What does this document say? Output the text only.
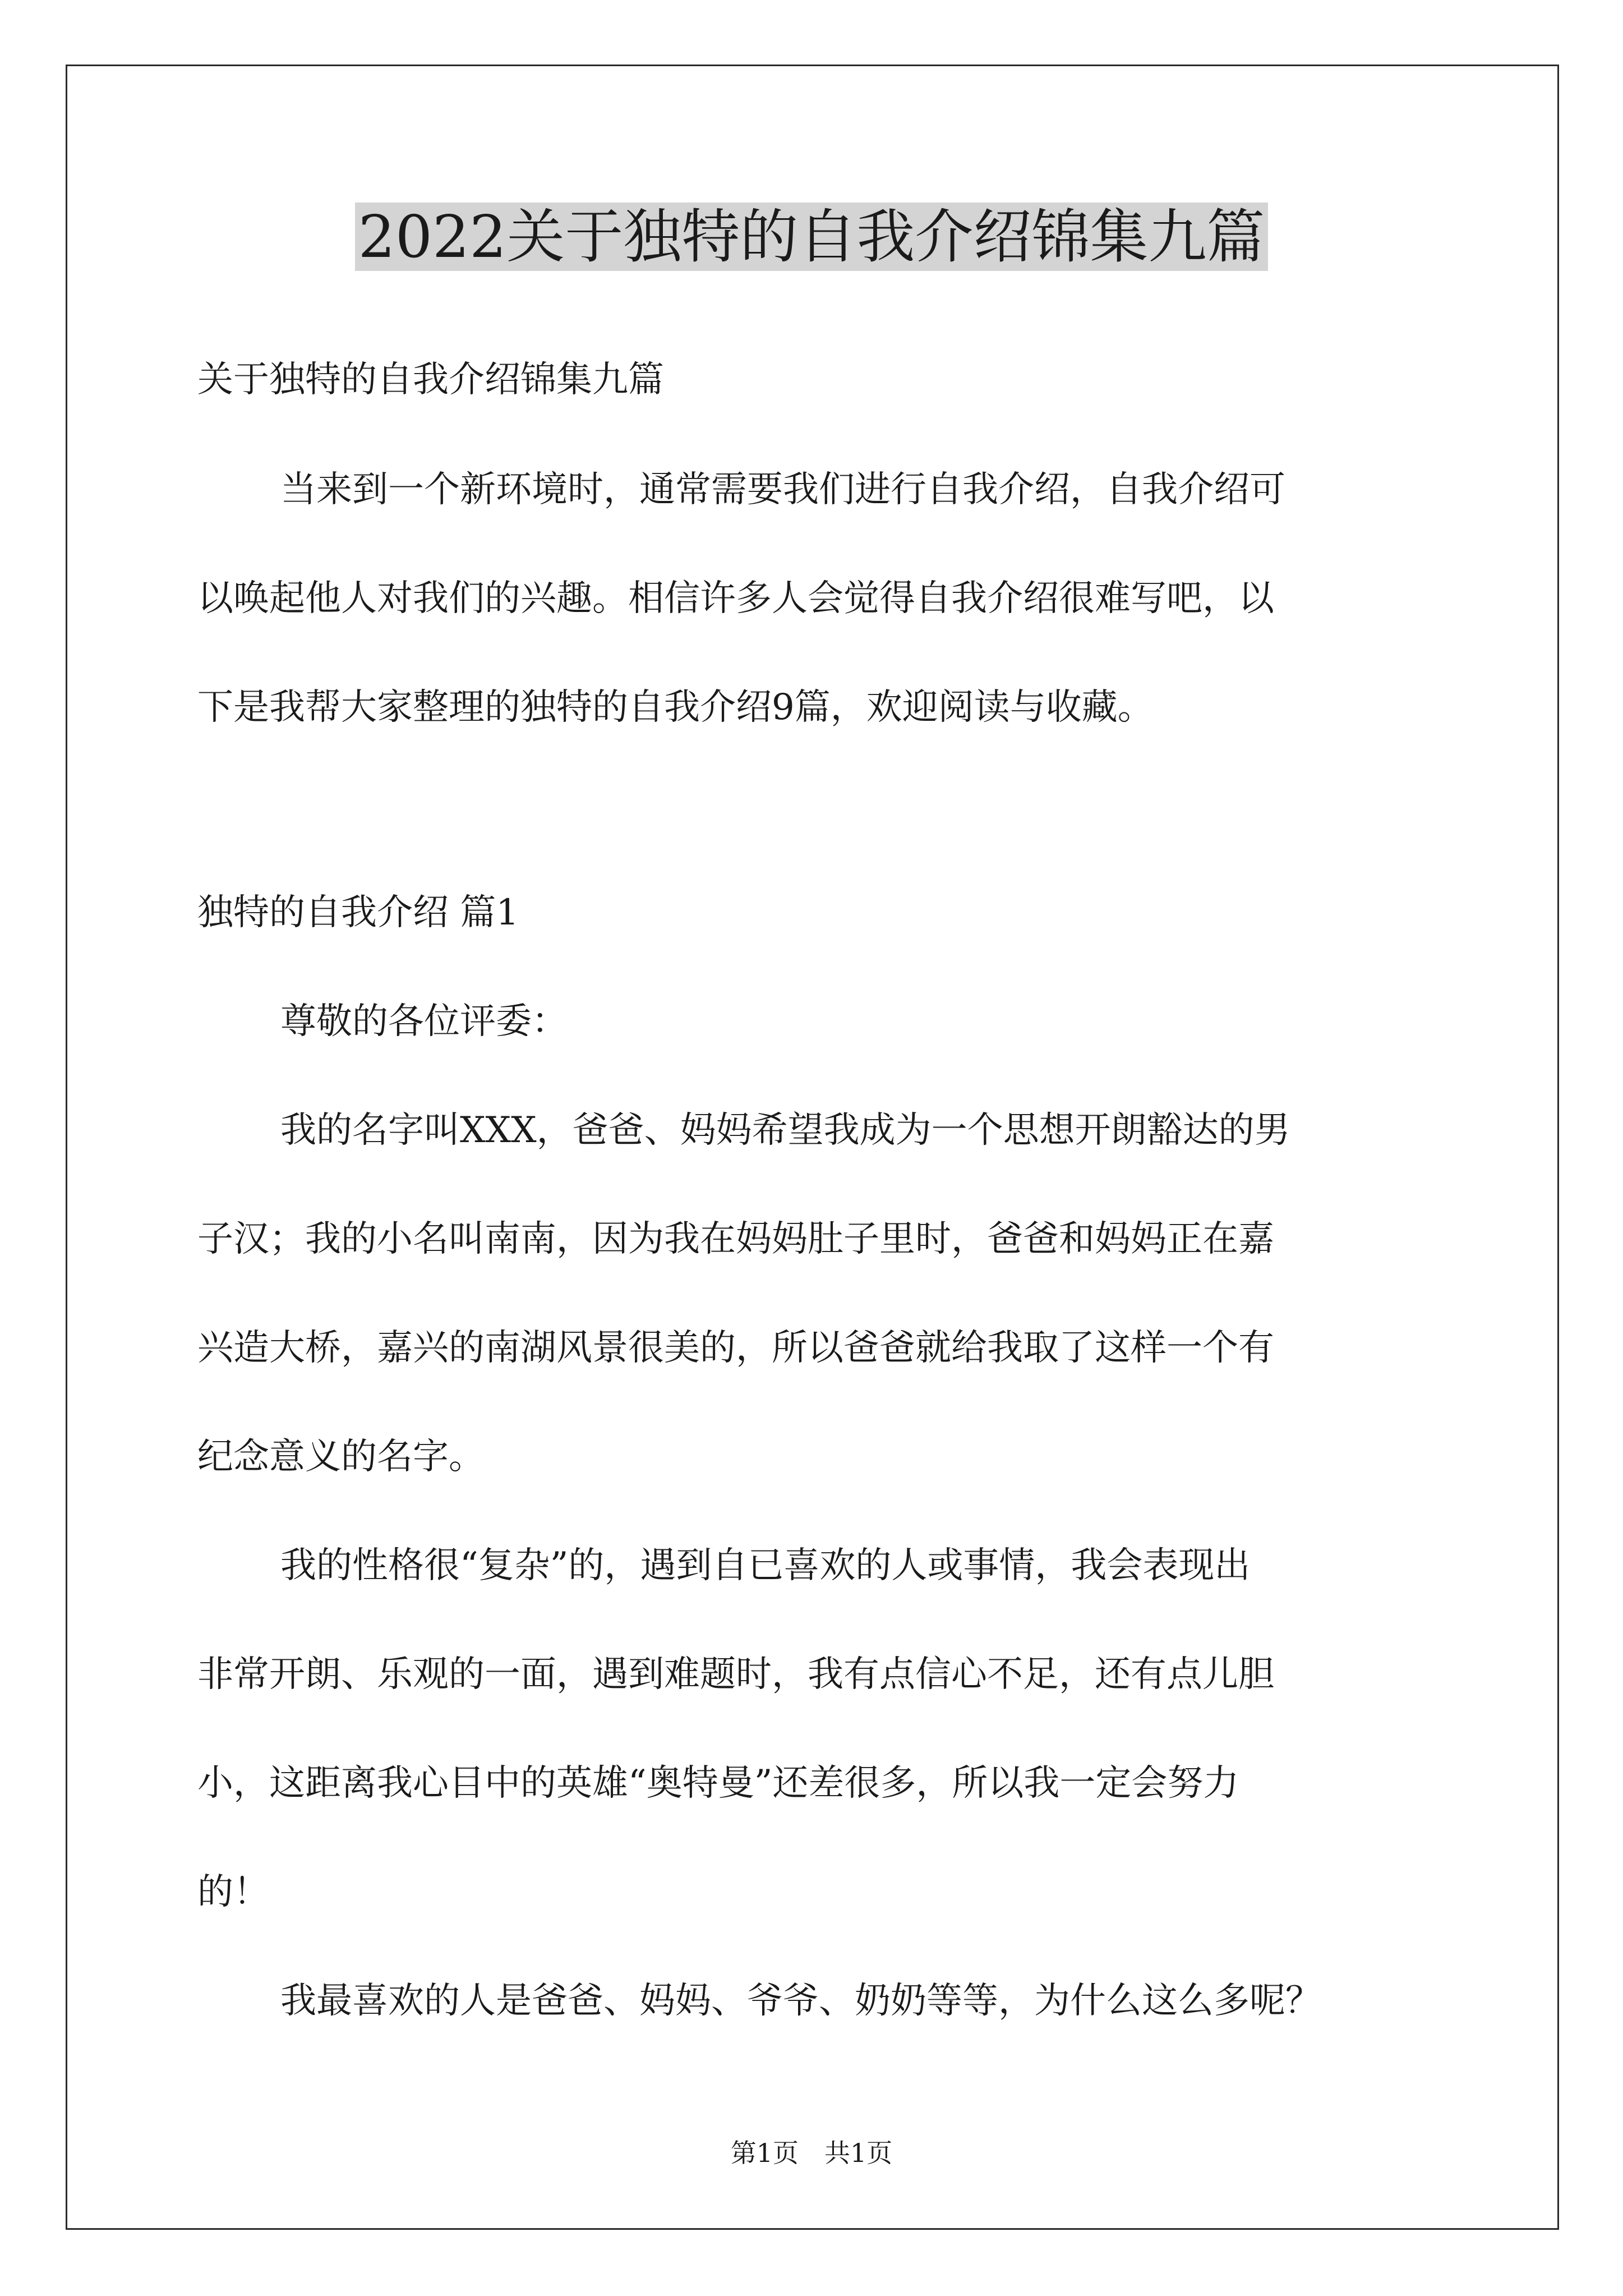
2022关于独特的自我介绍锦集九篇
关于独特的自我介绍锦集九篇
当来到一个新环境时，通常需要我们进行自我介绍，自我介绍可
以唤起他人对我们的兴趣。相信许多人会觉得自我介绍很难写吧，以
下是我帮大家整理的独特的自我介绍9篇，欢迎阅读与收藏。
独特的自我介绍 篇1
尊敬的各位评委：
我的名字叫XXX，爸爸、妈妈希望我成为一个思想开朗豁达的男
子汉；我的小名叫南南，因为我在妈妈肚子里时，爸爸和妈妈正在嘉
兴造大桥，嘉兴的南湖风景很美的，所以爸爸就给我取了这样一个有
纪念意义的名字。
我的性格很“复杂”的，遇到自已喜欢的人或事情，我会表现出
非常开朗、乐观的一面，遇到难题时，我有点信心不足，还有点儿胆
小，这距离我心目中的英雄“奥特曼”还差很多，所以我一定会努力
的！
我最喜欢的人是爸爸、妈妈、爷爷、奶奶等等，为什么这么多呢？
第1页　共1页
